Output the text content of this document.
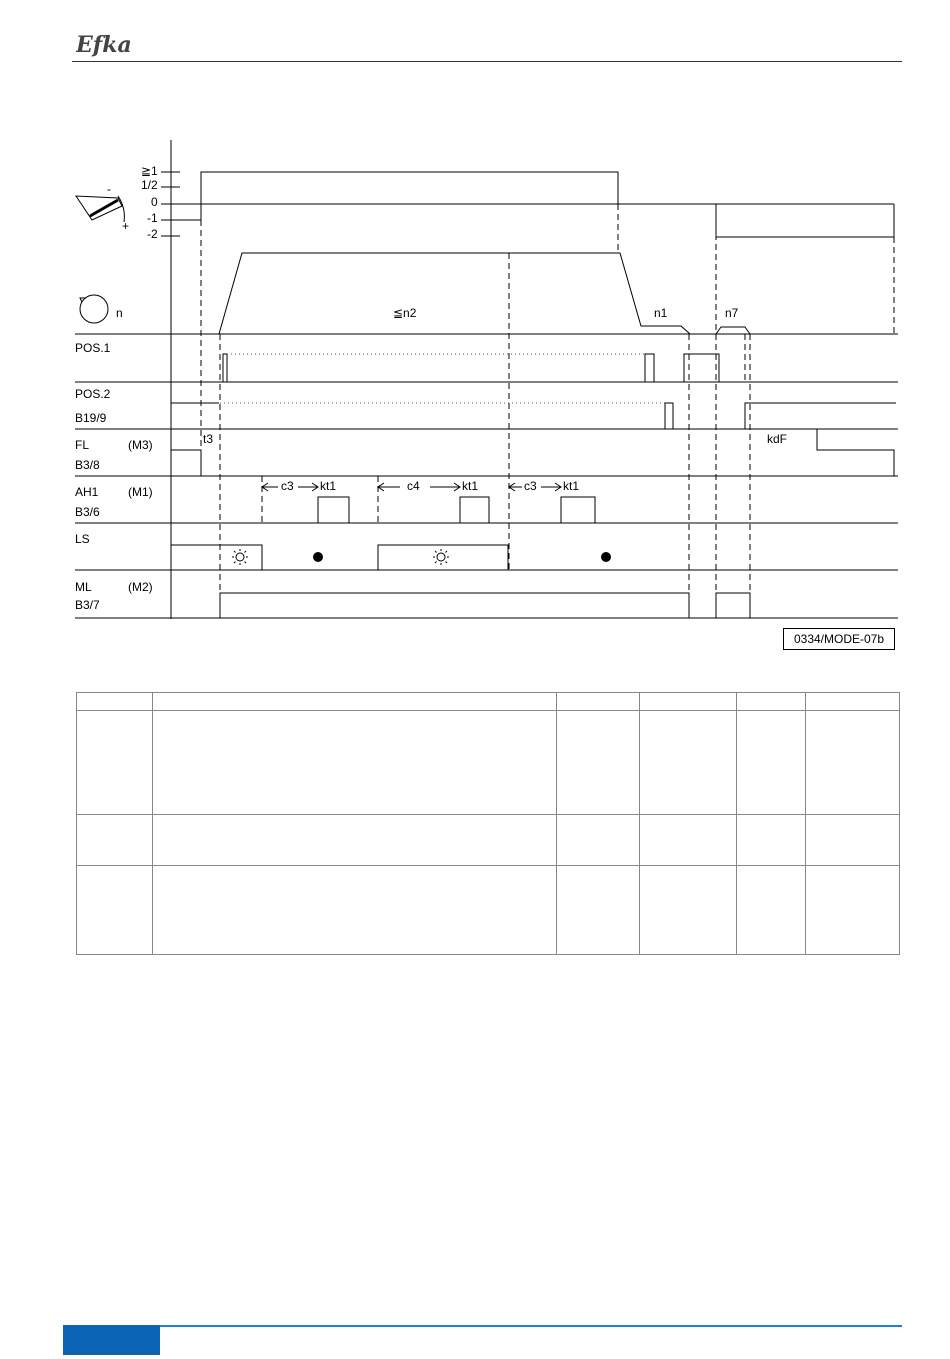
Efka
-
+
n
≧1
1/2
0
-1
-2
≦n2	n1	n7
POS.1
POS.2
B19/9
FL	(M3)
B3/8
AH1 (M1)
B3/6
LS
ML	(M2)
B3/7
t3
c3 kt1	c4	kt1	c3 kt1
kdF
0334/MODE-07b
